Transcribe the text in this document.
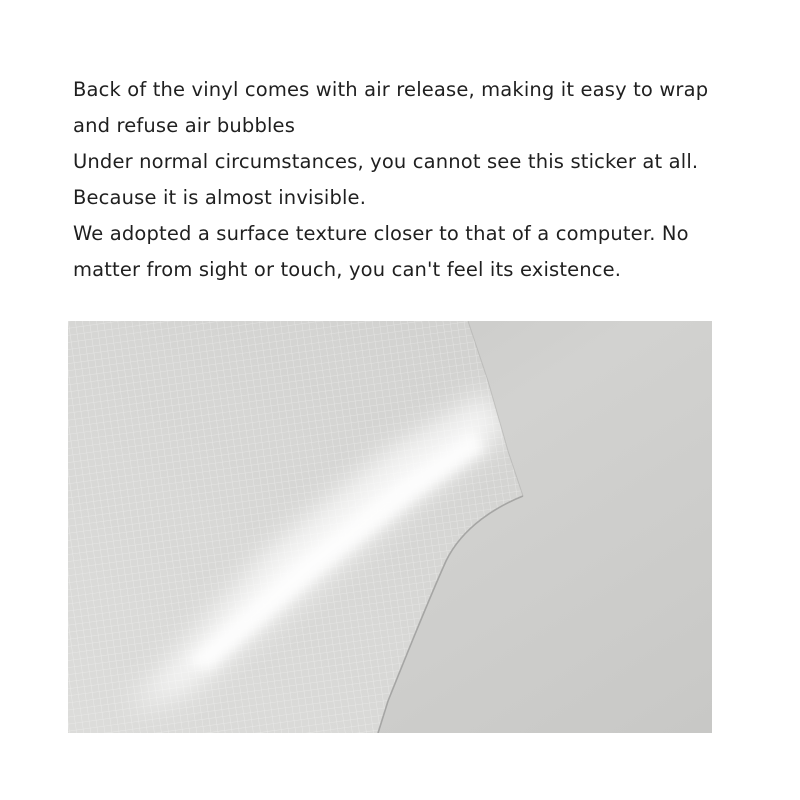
Back of the vinyl comes with air release, making it easy to wrap
and refuse air bubbles
Under normal circumstances, you cannot see this sticker at all.
Because it is almost invisible.
We adopted a surface texture closer to that of a computer. No
matter from sight or touch, you can't feel its existence.
